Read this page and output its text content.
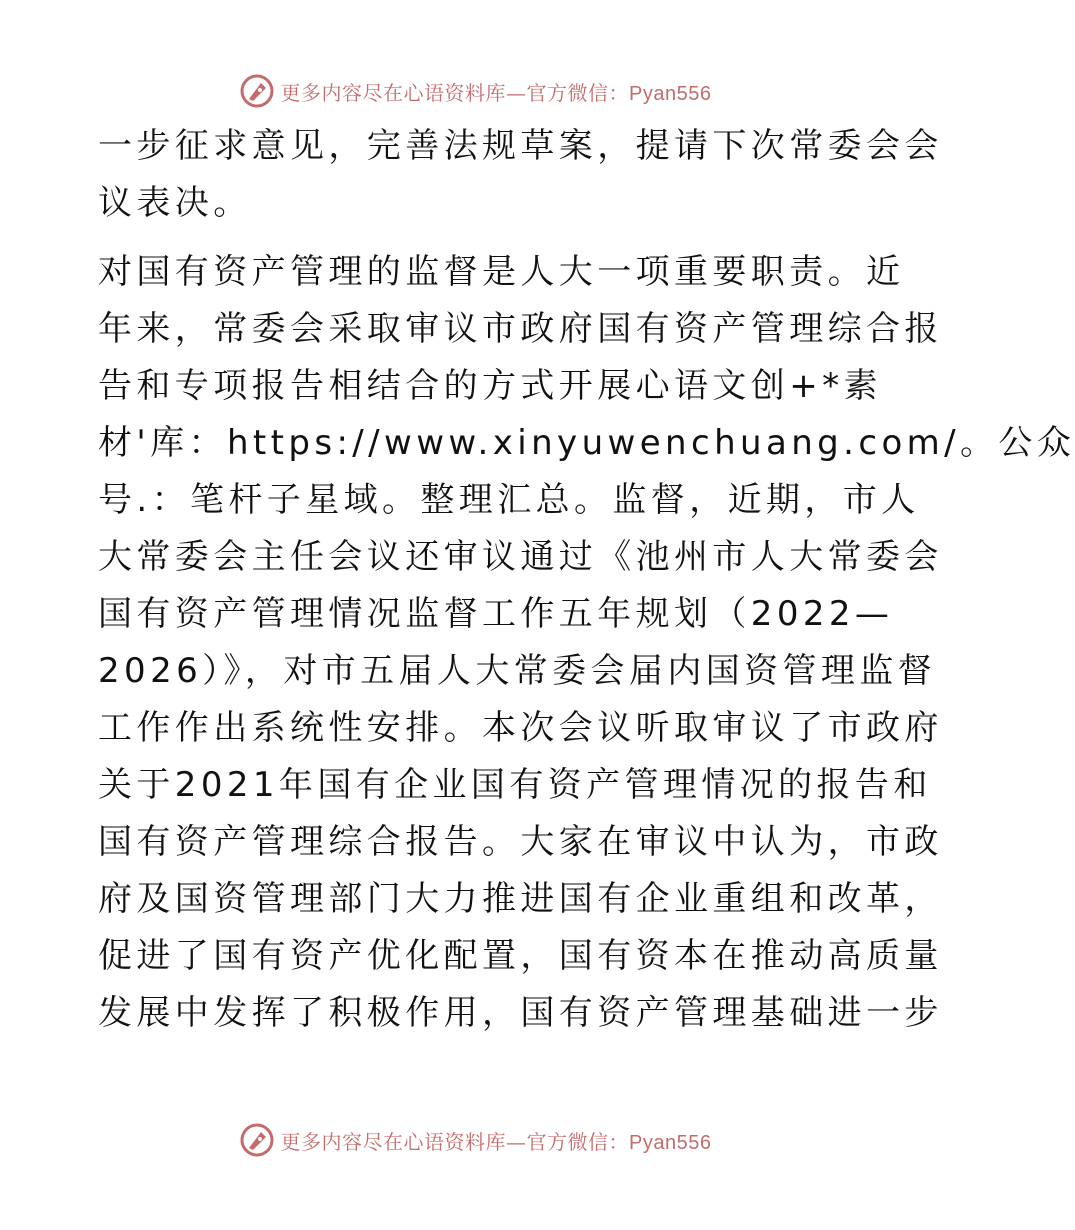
更多内容尽在心语资料库—官方微信：Pyan556
一步征求意见，完善法规草案，提请下次常委会会
议表决。
对国有资产管理的监督是人大一项重要职责。近
年来，常委会采取审议市政府国有资产管理综合报
告和专项报告相结合的方式开展心语文创+*素
材'库：https://www.xinyuwenchuang.com/。公众
号.：笔杆子星域。整理汇总。监督，近期，市人
大常委会主任会议还审议通过《池州市人大常委会
国有资产管理情况监督工作五年规划（2022—
2026）》，对市五届人大常委会届内国资管理监督
工作作出系统性安排。本次会议听取审议了市政府
关于2021年国有企业国有资产管理情况的报告和
国有资产管理综合报告。大家在审议中认为，市政
府及国资管理部门大力推进国有企业重组和改革，
促进了国有资产优化配置，国有资本在推动高质量
发展中发挥了积极作用，国有资产管理基础进一步
更多内容尽在心语资料库—官方微信：Pyan556
